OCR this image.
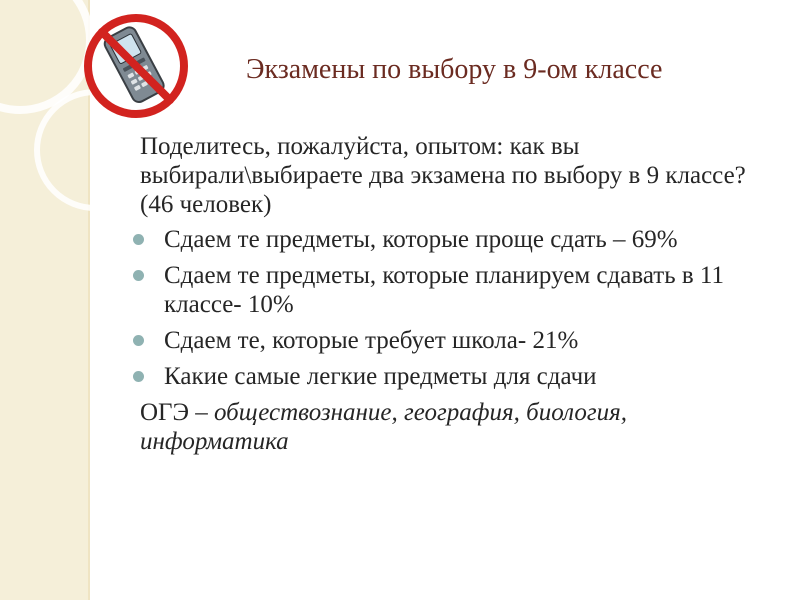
Экзамены по выбору в 9-ом классе

Поделитесь, пожалуйста, опытом: как вы выбирали\выбираете два экзамена по выбору в 9 классе? (46 человек)

Сдаем те предметы, которые проще сдать – 69%
Сдаем те предметы, которые планируем сдавать в 11 классе- 10%
Сдаем те, которые требует школа- 21%
Какие самые легкие предметы для сдачи

ОГЭ – обществознание, география, биология, информатика
